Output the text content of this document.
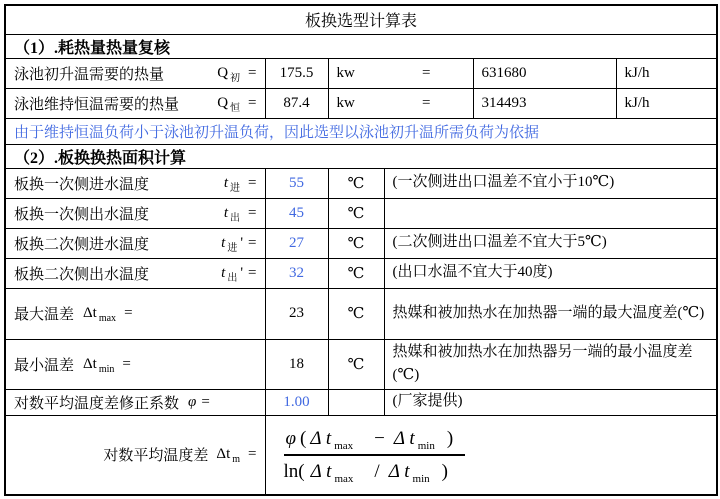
板换选型计算表					
（1）.耗热量热量复核					

泳池初升温需要的热量 Q $_初$ =	175.5	kw =		631680	kJ/h

泳池维持恒温需要的热量 Q $_恒$ =	87.4	kw =		314493	kJ/h
由于维持恒温负荷小于泳池初升温负荷，因此选型以泳池初升温所需负荷为依据					
（2）.板换换热面积计算					

板换一次侧进水温度 t $_进$ =	55	℃	(一次侧进出口温差不宜小于10℃)		

板换一次侧出水温度 t $_出$ =	45	℃			

板换二次侧进水温度 t $_进$ ' =	27	℃	(二次侧进出口温差不宜大于5℃)		

板换二次侧出水温度 t $_出$ ' =	32	℃	(出口水温不宜大于40度)		

最大温差 Δt $_{max}$ =	23	℃	热媒和被加热水在加热器一端的最大温度差(℃)		

最小温差 Δt $_{min}$ =	18	℃	热媒和被加热水在加热器另一端的最小温度差(℃)		

对数平均温度差修正系数 φ =	1.00		(厂家提供)		

对数平均温度差 Δt $_m$ =	$\frac{\varphi ( \Delta t _{max} - \Delta t _{min} )}{\ln( \Delta t _{max} / \Delta t _{min} )}$
